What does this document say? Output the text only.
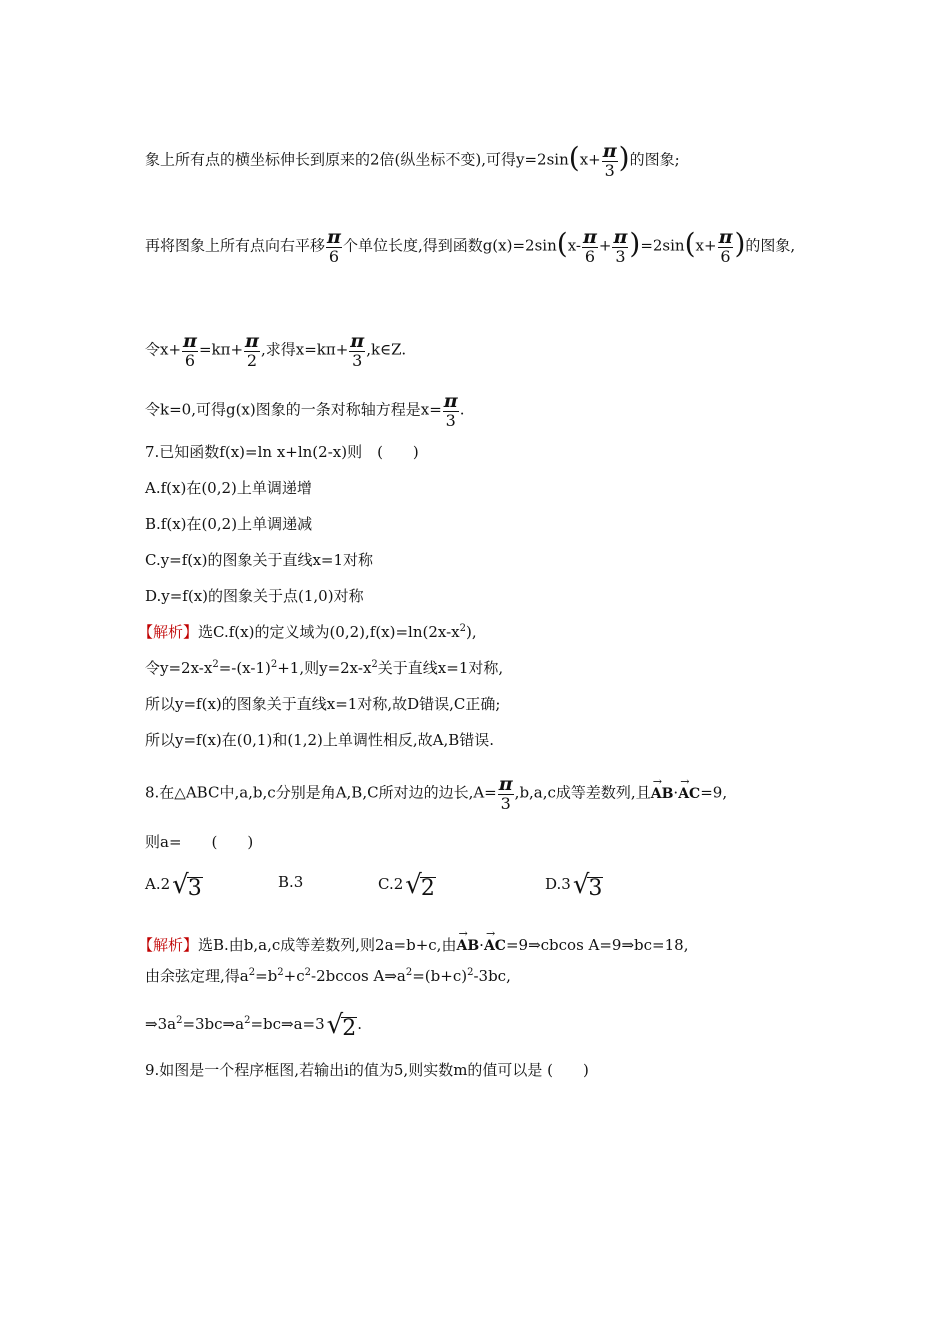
象上所有点的横坐标伸长到原来的2倍(纵坐标不变),可得$y=2\sin(x+ \frac{\pi}{3}$ )的图象;
再将图象上所有点向右平移 $\frac{\pi}{6}$ 个单位长度,得到函数$g(x)=2\sin(x- \frac{\pi}{6} + \frac{\pi}{3} )=2\sin(x+ \frac{\pi}{6}$ )的图象,
令$x+ \frac{\pi}{6} =k\pi+ \frac{\pi}{2}$ ,求得$x=k\pi+ \frac{\pi}{3}$ ,k∈Z.
令k=0,可得g(x)图象的一条对称轴方程是$x= \frac{\pi}{3}$ .
7.已知函数f(x)=ln x+ln(2-x)则　(　　)
A.f(x)在(0,2)上单调递增
B.f(x)在(0,2)上单调递减
C.y=f(x)的图象关于直线x=1对称
D.y=f(x)的图象关于点(1,0)对称
【解析】选C.f(x)的定义域为$(0,2),f(x)=\ln(2x-x^2)$,
令$y=2x-x^2=-(x-1)^2+1$,则$y=2x-x^2$关于直线x=1对称,
所以y=f(x)的图象关于直线x=1对称,故D错误,C正确;
所以y=f(x)在(0,1)和(1,2)上单调性相反,故A,B错误.
8.在△ABC中,a,b,c分别是角A,B,C所对边的边长$,A= \frac{\pi}{3} ,b,a,c$成等差数列,且→ AB·→ AC=9,
则a=　　(　　)
A.2√3	B.3	C.2√2	D.3√3
【解析】选B.由b,a,c成等差数列,则2a=b+c,由→ AB·→ AC=9⇒cbcos A=9⇒bc=18,
由余弦定理,得$a^2=b^2+c^2-2bccos$ $A\Rightarrow a^2=(b+c)^2-3bc$,
$\Rightarrow 3a^2=3bc\Rightarrow a^2=bc\Rightarrow a=3√2$.
9.如图是一个程序框图,若输出i的值为5,则实数m的值可以是 (　　)
